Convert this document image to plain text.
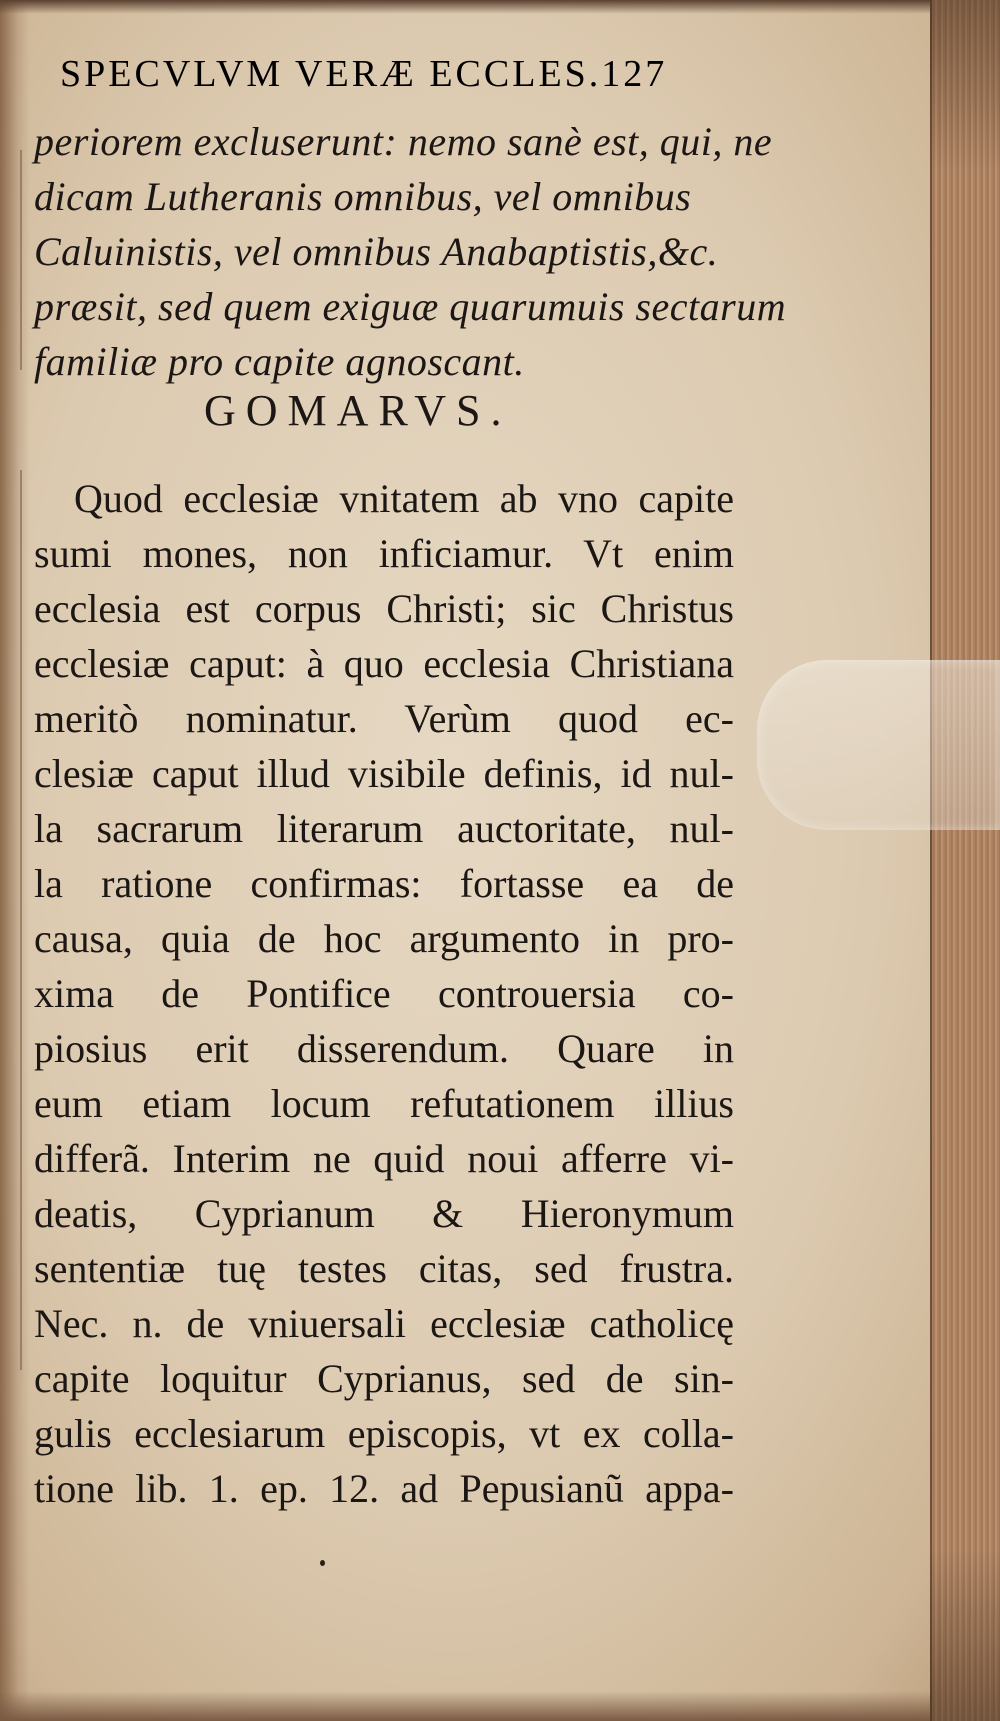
SPECVLVM VERÆ ECCLES.127
periorem excluserunt: nemo sanè est, qui, ne
dicam Lutheranis omnibus, vel omnibus
Caluinistis, vel omnibus Anabaptistis,&c.
præsit, sed quem exiguæ quarumuis sectarum
familiæ pro capite agnoscant.
GOMARVS.
Quod ecclesiæ vnitatem ab vno capite
sumi mones, non inficiamur. Vt enim
ecclesia est corpus Christi; sic Christus
ecclesiæ caput: à quo ecclesia Christiana
meritò nominatur. Verùm quod ec-
clesiæ caput illud visibile definis, id nul-
la sacrarum literarum auctoritate, nul-
la ratione confirmas: fortasse ea de
causa, quia de hoc argumento in pro-
xima de Pontifice controuersia co-
piosius erit disserendum. Quare in
eum etiam locum refutationem illius
differã. Interim ne quid noui afferre vi-
deatis, Cyprianum & Hieronymum
sententiæ tuę testes citas, sed frustra.
Nec. n. de vniuersali ecclesiæ catholicę
capite loquitur Cyprianus, sed de sin-
gulis ecclesiarum episcopis, vt ex colla-
tione lib. 1. ep. 12. ad Pepusianũ appa-
